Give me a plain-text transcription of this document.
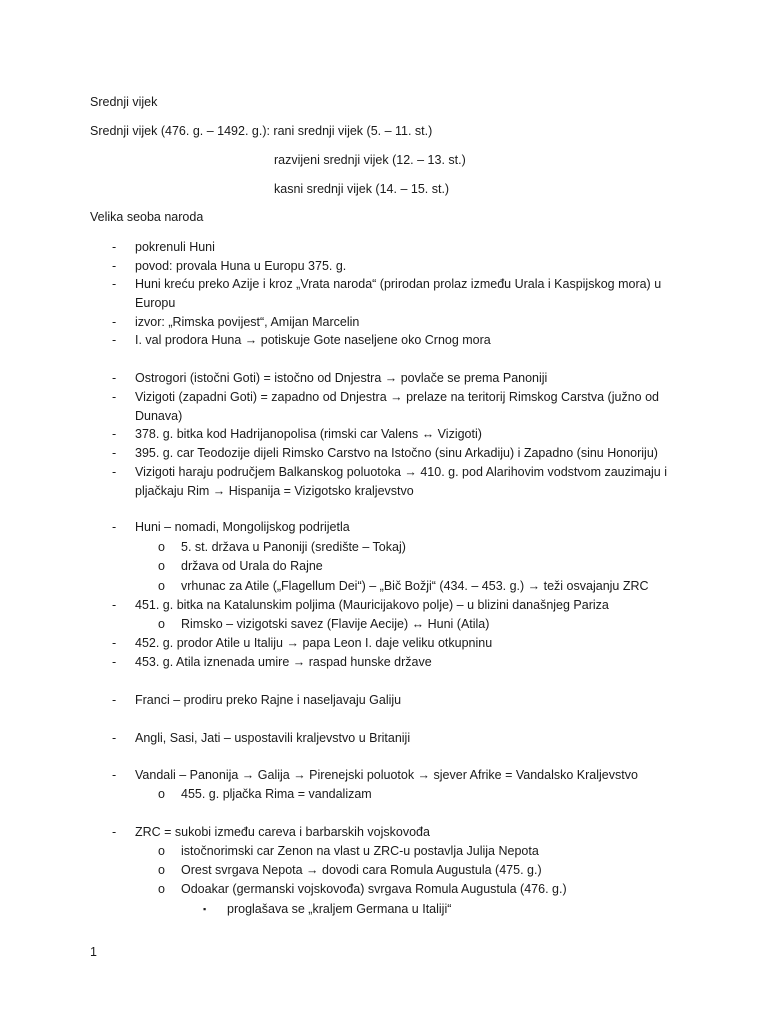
Srednji vijek
Srednji vijek (476. g. – 1492. g.): rani srednji vijek (5. – 11. st.)
razvijeni srednji vijek (12. – 13. st.)
kasni srednji vijek (14. – 15. st.)
Velika seoba naroda
- pokrenuli Huni
- povod: provala Huna u Europu 375. g.
- Huni kreću preko Azije i kroz „Vrata naroda“ (prirodan prolaz između Urala i Kaspijskog mora) u
Europu
- izvor: „Rimska povijest“, Amijan Marcelin
- I. val prodora Huna → potiskuje Gote naseljene oko Crnog mora
- Ostrogori (istočni Goti) = istočno od Dnjestra → povlače se prema Panoniji
- Vizigoti (zapadni Goti) = zapadno od Dnjestra → prelaze na teritorij Rimskog Carstva (južno od
Dunava)
- 378. g. bitka kod Hadrijanopolisa (rimski car Valens ↔ Vizigoti)
- 395. g. car Teodozije dijeli Rimsko Carstvo na Istočno (sinu Arkadiju) i Zapadno (sinu Honoriju)
- Vizigoti haraju područjem Balkanskog poluotoka → 410. g. pod Alarihovim vodstvom zauzimaju i
pljačkaju Rim → Hispanija = Vizigotsko kraljevstvo
- Huni – nomadi, Mongolijskog podrijetla
o 5. st. država u Panoniji (središte – Tokaj)
o država od Urala do Rajne
o vrhunac za Atile („Flagellum Dei“) – „Bič Božji“ (434. – 453. g.) → teži osvajanju ZRC
- 451. g. bitka na Katalunskim poljima (Mauricijakovo polje) – u blizini današnjeg Pariza
o Rimsko – vizigotski savez (Flavije Aecije) ↔ Huni (Atila)
- 452. g. prodor Atile u Italiju → papa Leon I. daje veliku otkupninu
- 453. g. Atila iznenada umire → raspad hunske države
- Franci – prodiru preko Rajne i naseljavaju Galiju
- Angli, Sasi, Jati – uspostavili kraljevstvo u Britaniji
- Vandali – Panonija → Galija → Pirenejski poluotok → sjever Afrike = Vandalsko Kraljevstvo
o 455. g. pljačka Rima = vandalizam
- ZRC = sukobi između careva i barbarskih vojskovođa
o istočnorimski car Zenon na vlast u ZRC-u postavlja Julija Nepota
o Orest svrgava Nepota → dovodi cara Romula Augustula (475. g.)
o Odoakar (germanski vojskovođa) svrgava Romula Augustula (476. g.)
▪ proglašava se „kraljem Germana u Italiji“
1
